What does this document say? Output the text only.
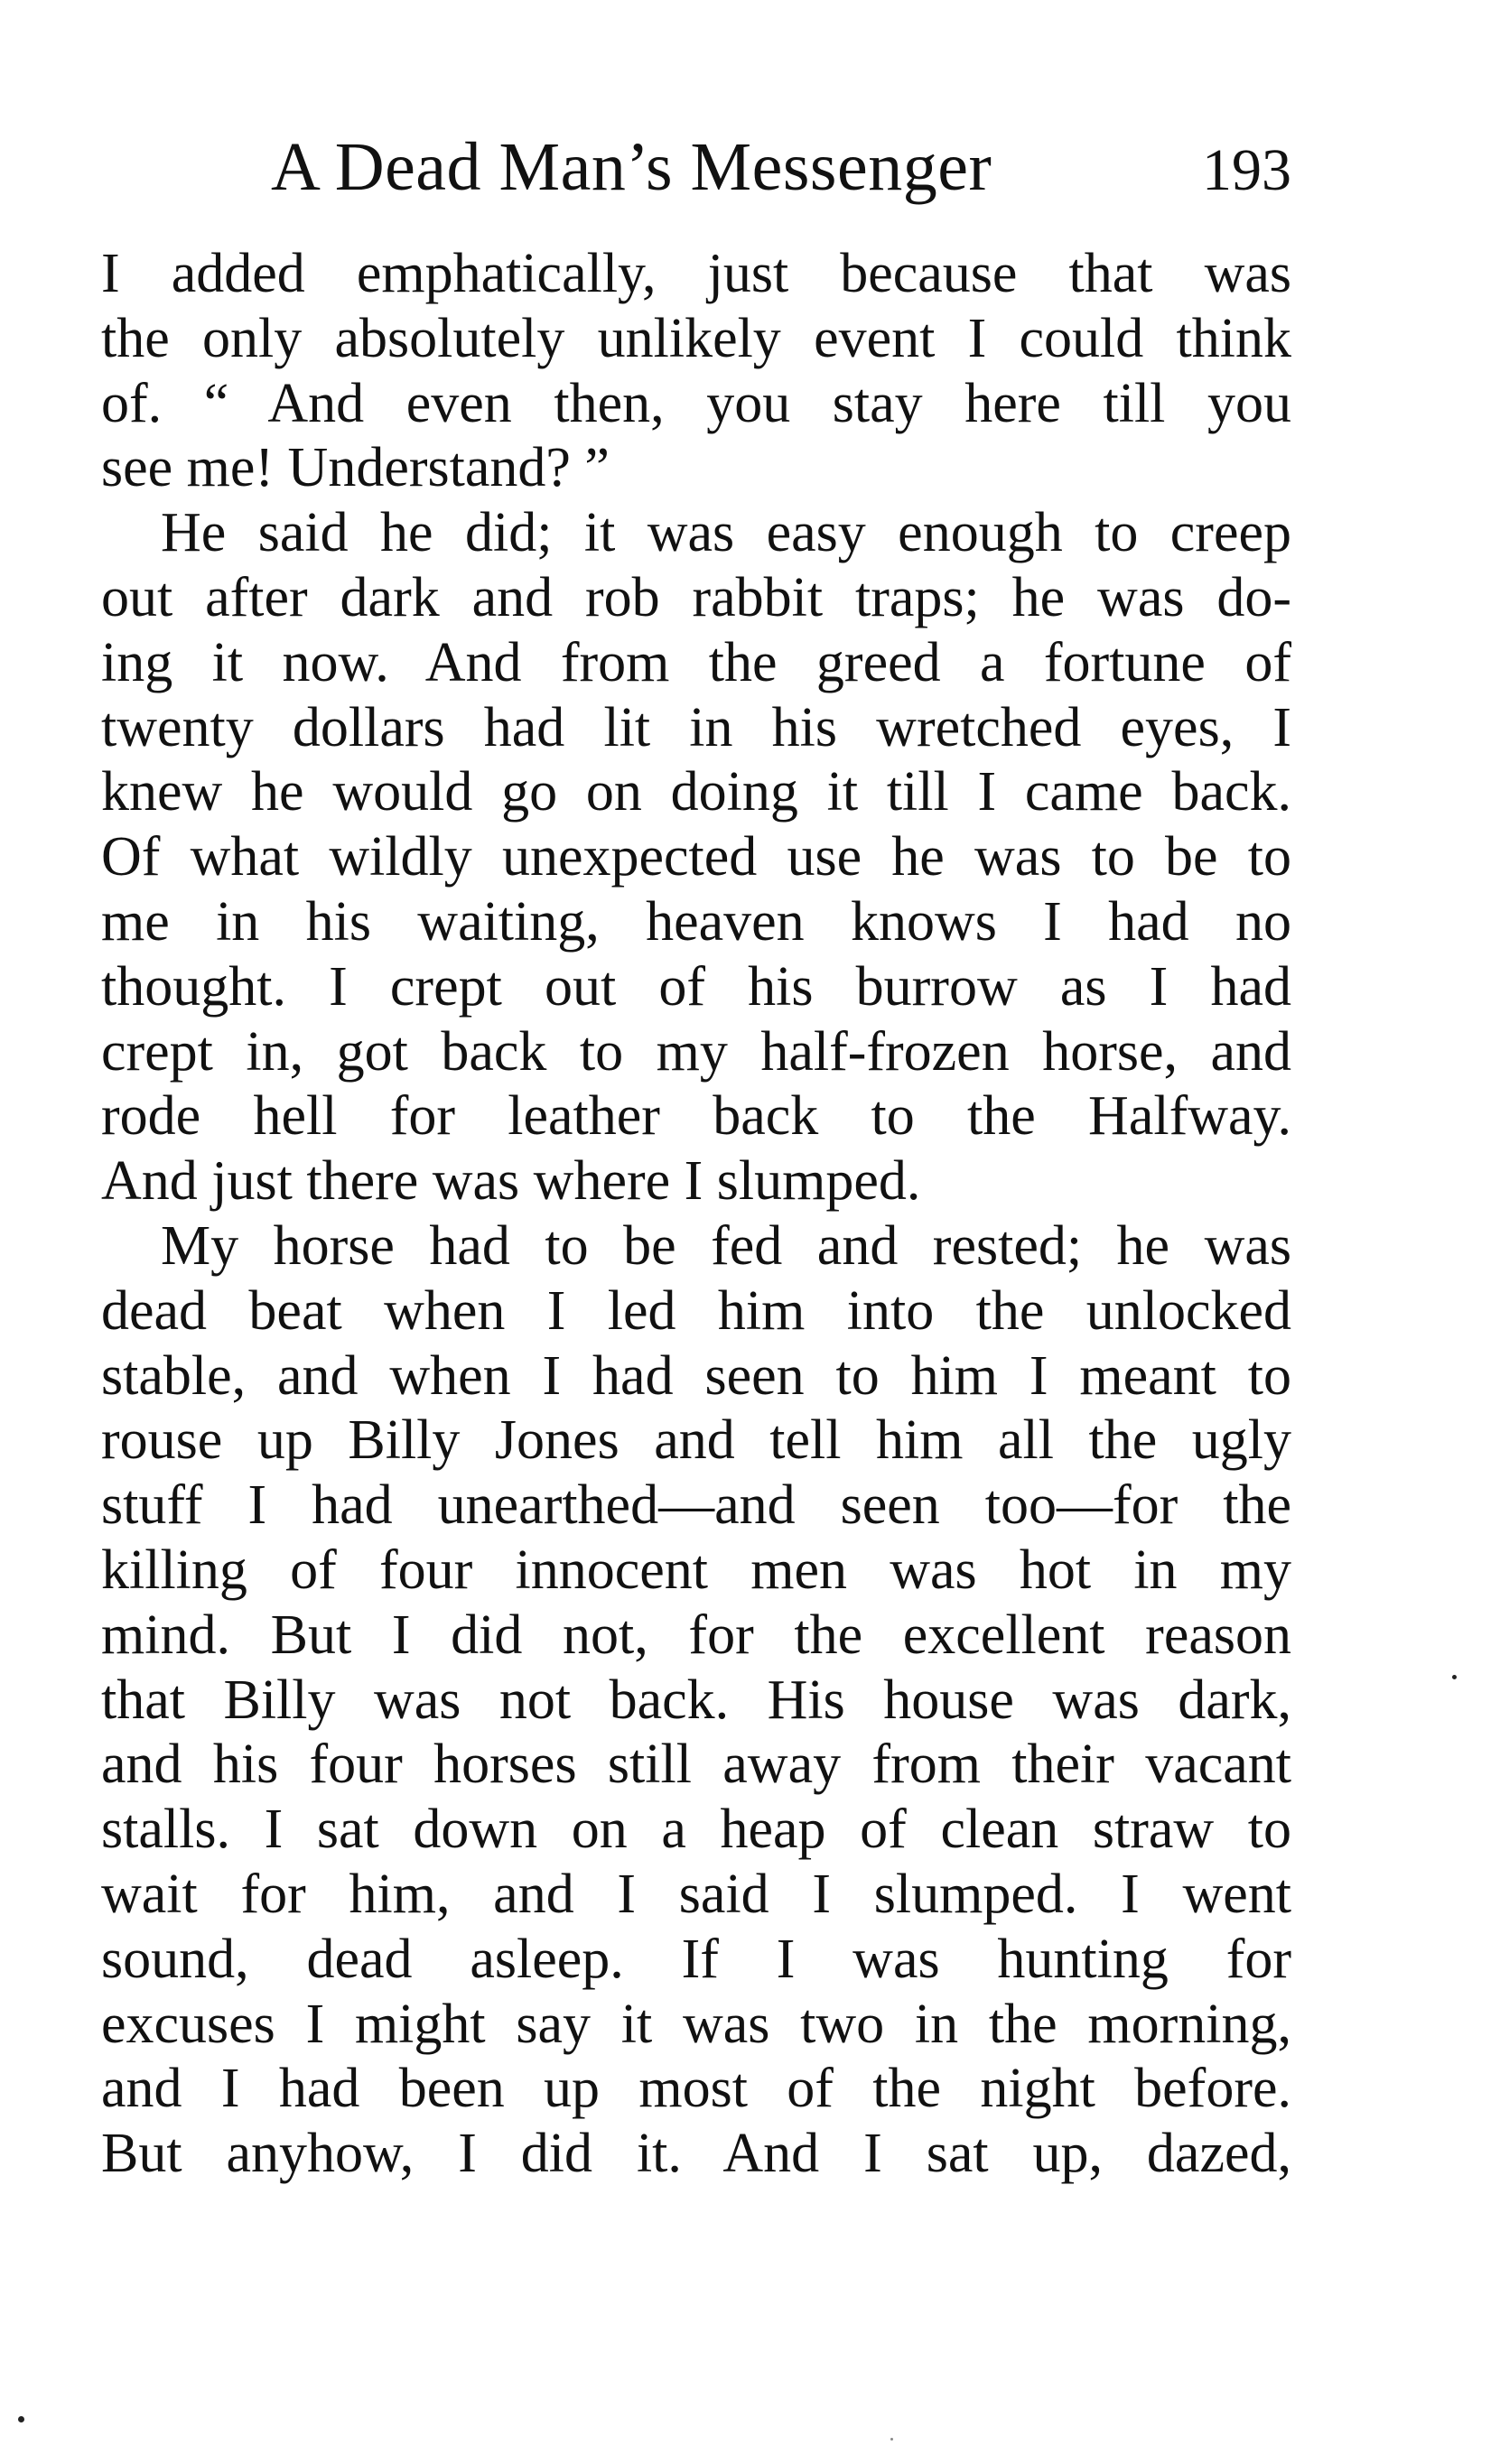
A Dead Man’s Messenger	193
I added emphatically, just because that was
the only absolutely unlikely event I could think
of. “ And even then, you stay here till you
see me! Understand? ”
He said he did; it was easy enough to creep
out after dark and rob rabbit traps; he was do-
ing it now. And from the greed a fortune of
twenty dollars had lit in his wretched eyes, I
knew he would go on doing it till I came back.
Of what wildly unexpected use he was to be to
me in his waiting, heaven knows I had no
thought. I crept out of his burrow as I had
crept in, got back to my half-frozen horse, and
rode hell for leather back to the Halfway.
And just there was where I slumped.
My horse had to be fed and rested; he was
dead beat when I led him into the unlocked
stable, and when I had seen to him I meant to
rouse up Billy Jones and tell him all the ugly
stuff I had unearthed—and seen too—for the
killing of four innocent men was hot in my
mind. But I did not, for the excellent reason
that Billy was not back. His house was dark,
and his four horses still away from their vacant
stalls. I sat down on a heap of clean straw to
wait for him, and I said I slumped. I went
sound, dead asleep. If I was hunting for
excuses I might say it was two in the morning,
and I had been up most of the night before.
But anyhow, I did it. And I sat up, dazed,
